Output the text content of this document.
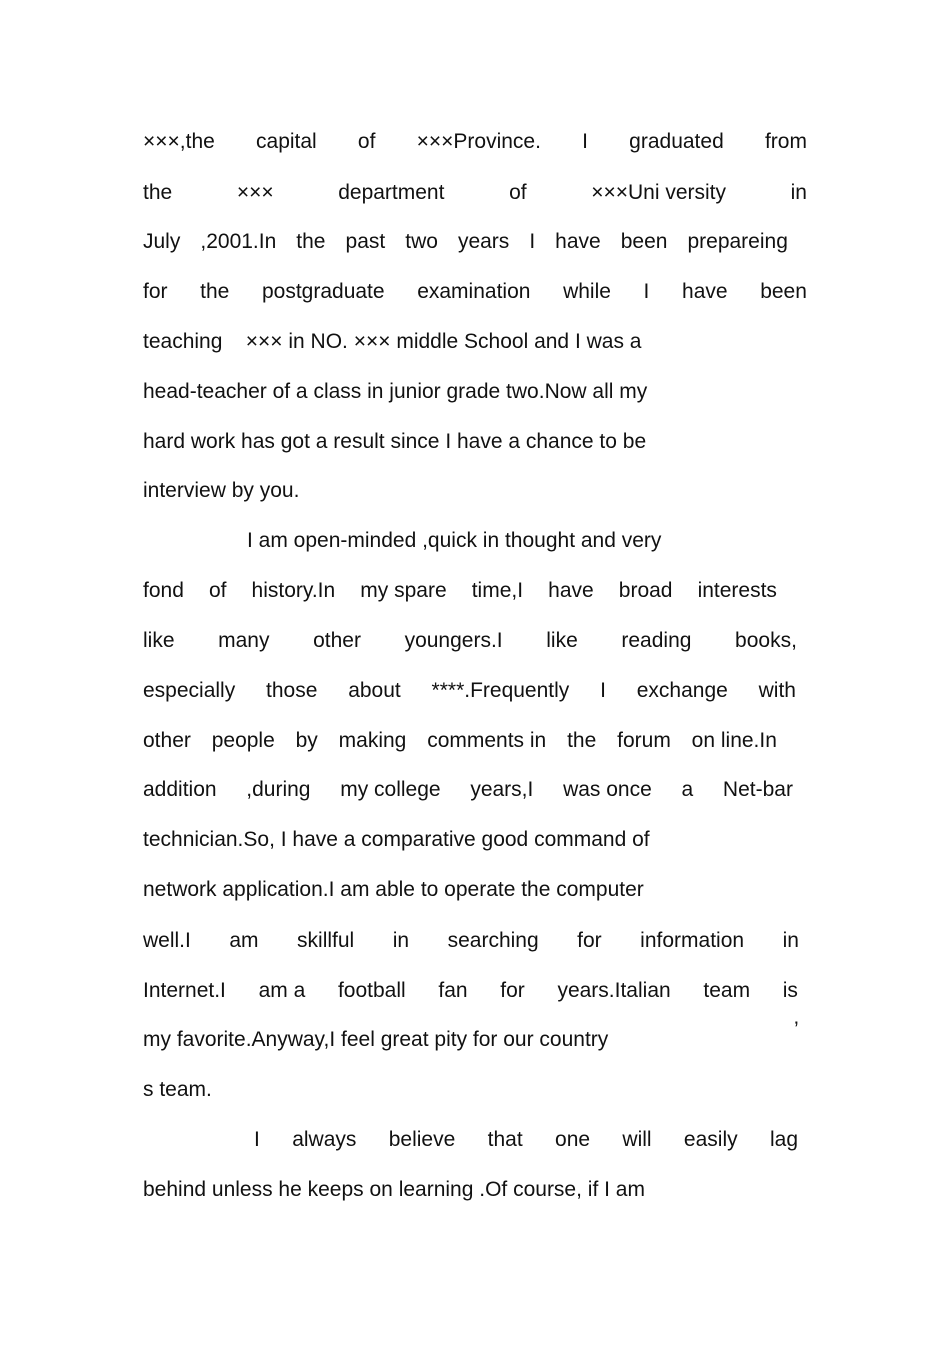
×××,the capital of ×××Province. I graduated from
the	×××	department	of	×××Uni versity	in
July ,2001.In the past two years I have been prepareing
for the postgraduate examination while I have been
teaching    ××× in NO. ××× middle School and I was a
head-teacher of a class in junior grade two.Now all my
hard work has got a result since I have a chance to be
interview by you.
I am open-minded ,quick in thought and very
fond of history.In my spare time,I have broad interests
like many other youngers.I like reading books,
especially those about ****.Frequently I exchange with
other people by making comments in the forum on line.In
addition ,during my college years,I was once a Net-bar
technician.So, I have a comparative good command of
network application.I am able to operate the computer
well.I am skillful in searching for information in
Internet.I am a football fan for years.Italian team is
my favorite.Anyway,I feel great pity for our country	’
s team.
I always believe that one will easily lag
behind unless he keeps on learning .Of course, if I am
